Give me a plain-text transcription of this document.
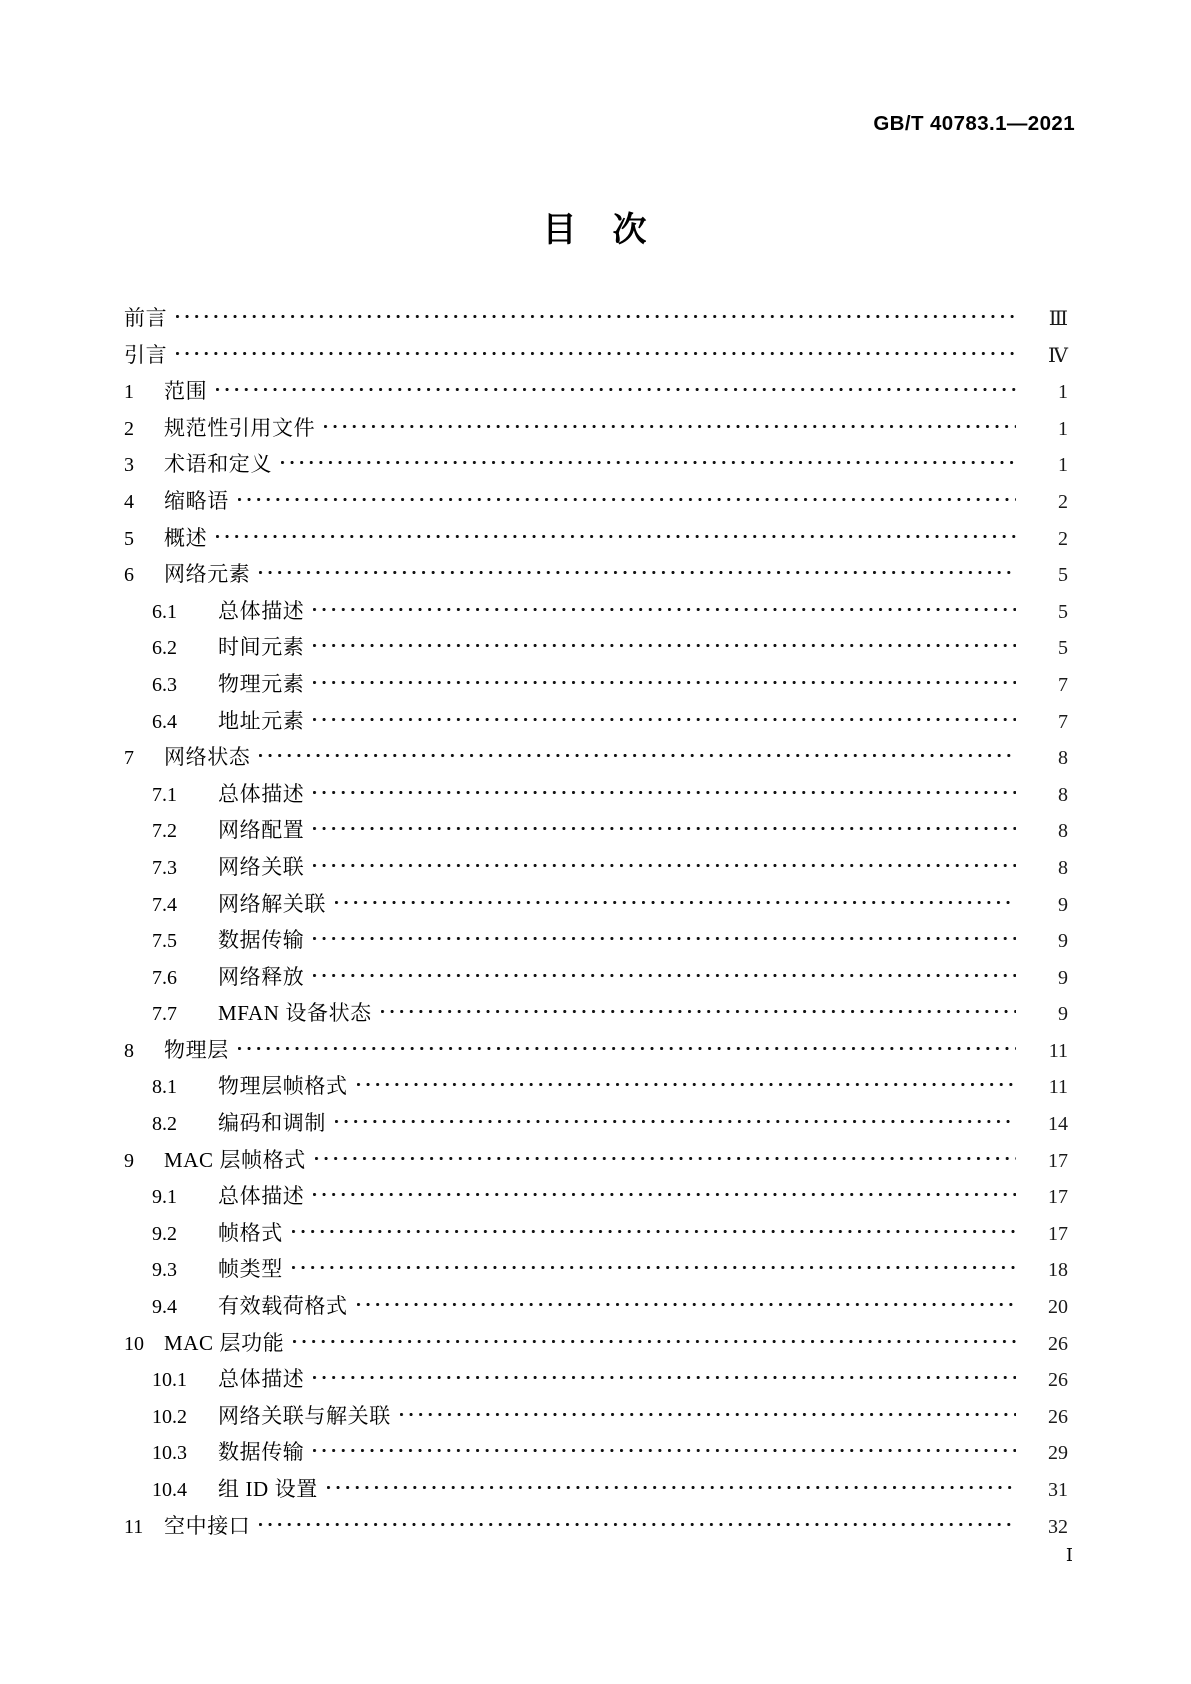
GB/T 40783.1—2021
目 次
前言	Ⅲ
引言	Ⅳ
1	范围	1
2	规范性引用文件	1
3	术语和定义	1
4	缩略语	2
5	概述	2
6	网络元素	5
6.1	总体描述	5
6.2	时间元素	5
6.3	物理元素	7
6.4	地址元素	7
7	网络状态	8
7.1	总体描述	8
7.2	网络配置	8
7.3	网络关联	8
7.4	网络解关联	9
7.5	数据传输	9
7.6	网络释放	9
7.7	MFAN 设备状态	9
8	物理层	11
8.1	物理层帧格式	11
8.2	编码和调制	14
9	MAC 层帧格式	17
9.1	总体描述	17
9.2	帧格式	17
9.3	帧类型	18
9.4	有效载荷格式	20
10 MAC 层功能	26
10.1	总体描述	26
10.2	网络关联与解关联	26
10.3	数据传输	29
10.4	组 ID 设置	31
11 空中接口	32
Ⅰ
